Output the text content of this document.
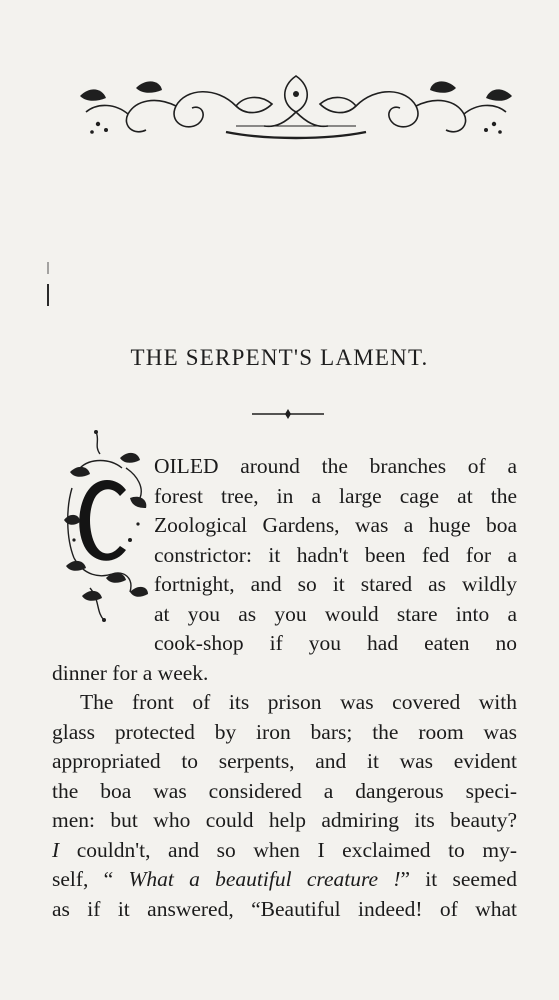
THE SERPENT'S LAMENT.
OILED around the branches of a
forest tree, in a large cage at the
Zoological Gardens, was a huge boa
constrictor: it hadn't been fed for a
fortnight, and so it stared as wildly
at you as you would stare into a
cook-shop if you had eaten no
dinner for a week.
The front of its prison was covered with
glass protected by iron bars; the room was
appropriated to serpents, and it was evident
the boa was considered a dangerous speci-
men: but who could help admiring its beauty?
I couldn't, and so when I exclaimed to my-
self, “ What a beautiful creature !” it seemed
as if it answered, “Beautiful indeed! of what
